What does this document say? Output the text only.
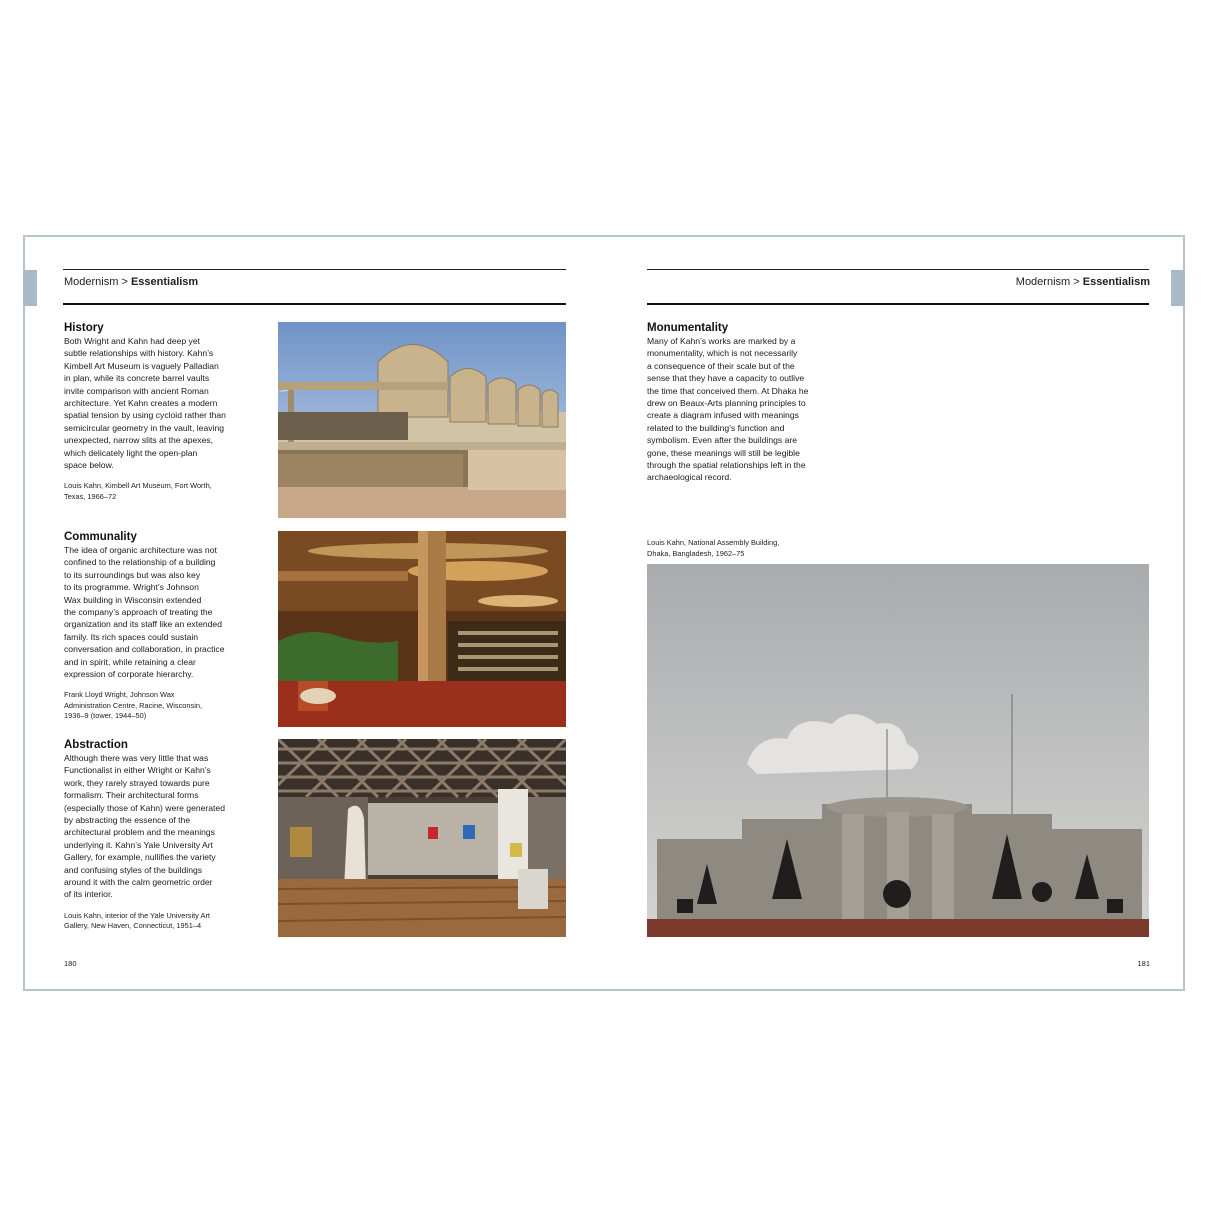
Modernism > Essentialism
History
Both Wright and Kahn had deep yet
subtle relationships with history. Kahn’s
Kimbell Art Museum is vaguely Palladian
in plan, while its concrete barrel vaults
invite comparison with ancient Roman
architecture. Yet Kahn creates a modern
spatial tension by using cycloid rather than
semicircular geometry in the vault, leaving
unexpected, narrow slits at the apexes,
which delicately light the open-plan
space below.
Louis Kahn, Kimbell Art Museum, Fort Worth,
Texas, 1966–72
Communality
The idea of organic architecture was not
confined to the relationship of a building
to its surroundings but was also key
to its programme. Wright’s Johnson
Wax building in Wisconsin extended
the company’s approach of treating the
organization and its staff like an extended
family. Its rich spaces could sustain
conversation and collaboration, in practice
and in spirit, while retaining a clear
expression of corporate hierarchy.
Frank Lloyd Wright, Johnson Wax
Administration Centre, Racine, Wisconsin,
1936–9 (tower, 1944–50)
Abstraction
Although there was very little that was
Functionalist in either Wright or Kahn’s
work, they rarely strayed towards pure
formalism. Their architectural forms
(especially those of Kahn) were generated
by abstracting the essence of the
architectural problem and the meanings
underlying it. Kahn’s Yale University Art
Gallery, for example, nullifies the variety
and confusing styles of the buildings
around it with the calm geometric order
of its interior.
Louis Kahn, interior of the Yale University Art
Gallery, New Haven, Connecticut, 1951–4
180
Modernism > Essentialism
Monumentality
Many of Kahn’s works are marked by a
monumentality, which is not necessarily
a consequence of their scale but of the
sense that they have a capacity to outlive
the time that conceived them. At Dhaka he
drew on Beaux-Arts planning principles to
create a diagram infused with meanings
related to the building’s function and
symbolism. Even after the buildings are
gone, these meanings will still be legible
through the spatial relationships left in the
archaeological record.
Louis Kahn, National Assembly Building,
Dhaka, Bangladesh, 1962–75
181
